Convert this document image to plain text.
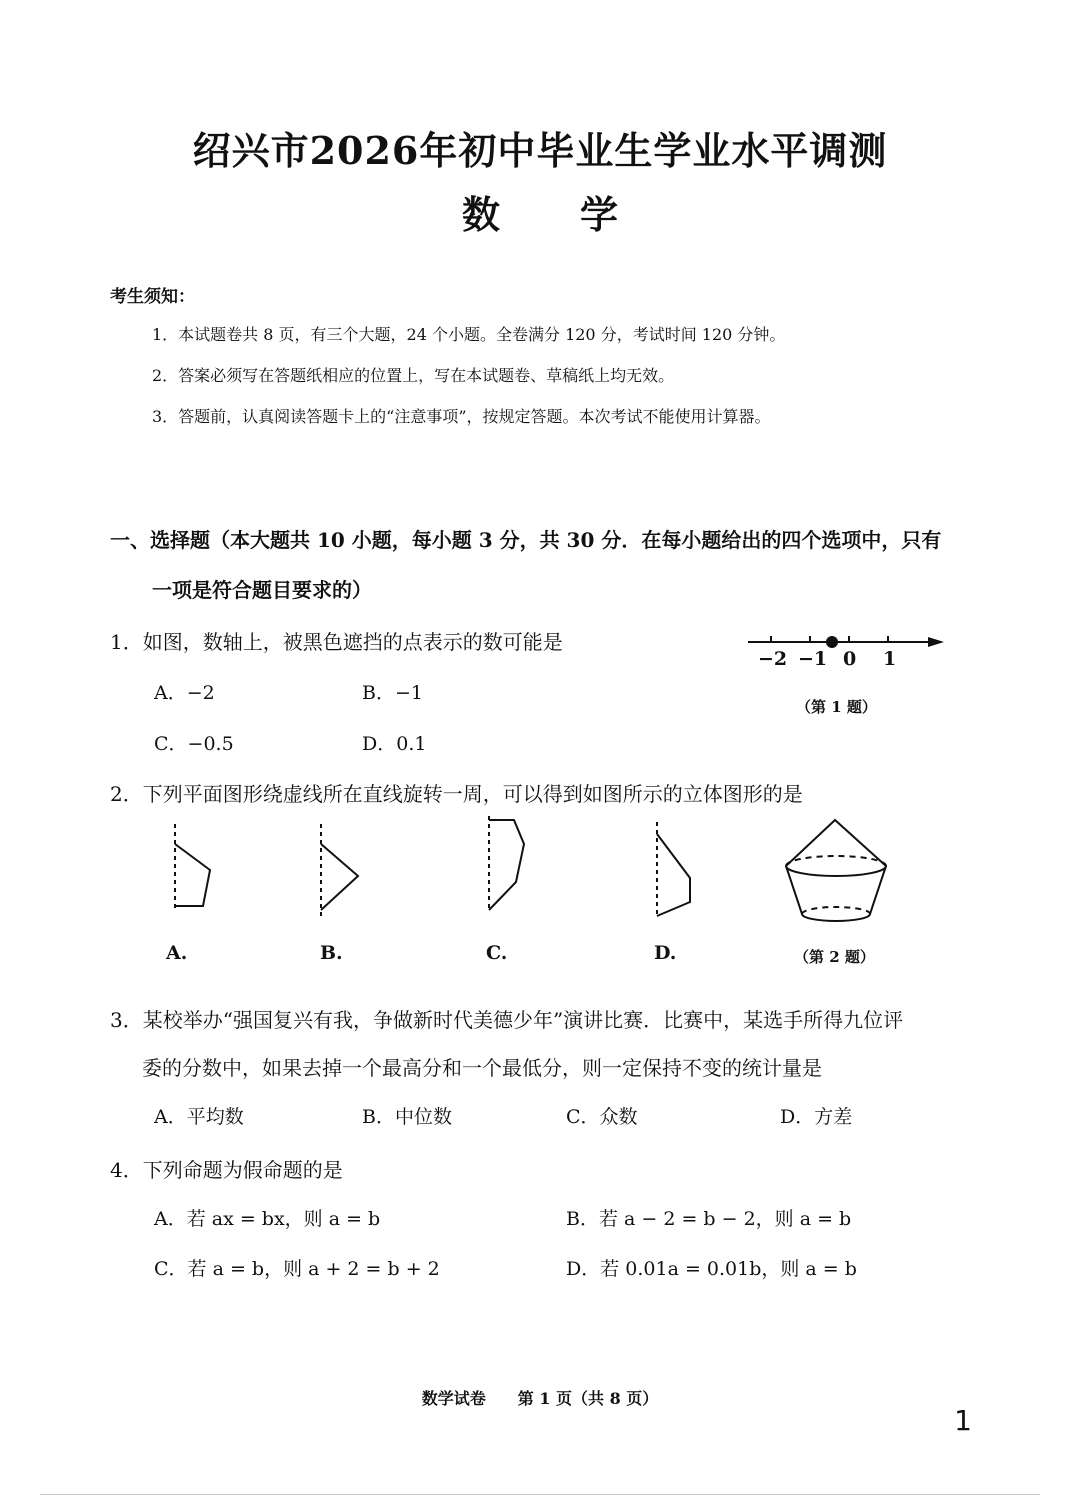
绍兴市2026年初中毕业生学业水平调测
数学
考生须知：
1．本试题卷共 8 页，有三个大题，24 个小题。全卷满分 120 分，考试时间 120 分钟。
2．答案必须写在答题纸相应的位置上，写在本试题卷、草稿纸上均无效。
3．答题前，认真阅读答题卡上的“注意事项”，按规定答题。本次考试不能使用计算器。
一、选择题（本大题共 10 小题，每小题 3 分，共 30 分．在每小题给出的四个选项中，只有
一项是符合题目要求的）
1．如图，数轴上，被黑色遮挡的点表示的数可能是
A．−2	B．−1
C．−0.5	D．0.1
−2 −1 0 1
（第 1 题）
2．下列平面图形绕虚线所在直线旋转一周，可以得到如图所示的立体图形的是
A.	B.	C.	D.	（第 2 题）
3．某校举办“强国复兴有我，争做新时代美德少年”演讲比赛．比赛中，某选手所得九位评
委的分数中，如果去掉一个最高分和一个最低分，则一定保持不变的统计量是
A．平均数	B．中位数	C．众数	D．方差
4．下列命题为假命题的是
A．若 ax = bx，则 a = b	B．若 a − 2 = b − 2，则 a = b
C．若 a = b，则 a + 2 = b + 2	D．若 0.01a = 0.01b，则 a = b
数学试卷　　第 1 页（共 8 页）
1
